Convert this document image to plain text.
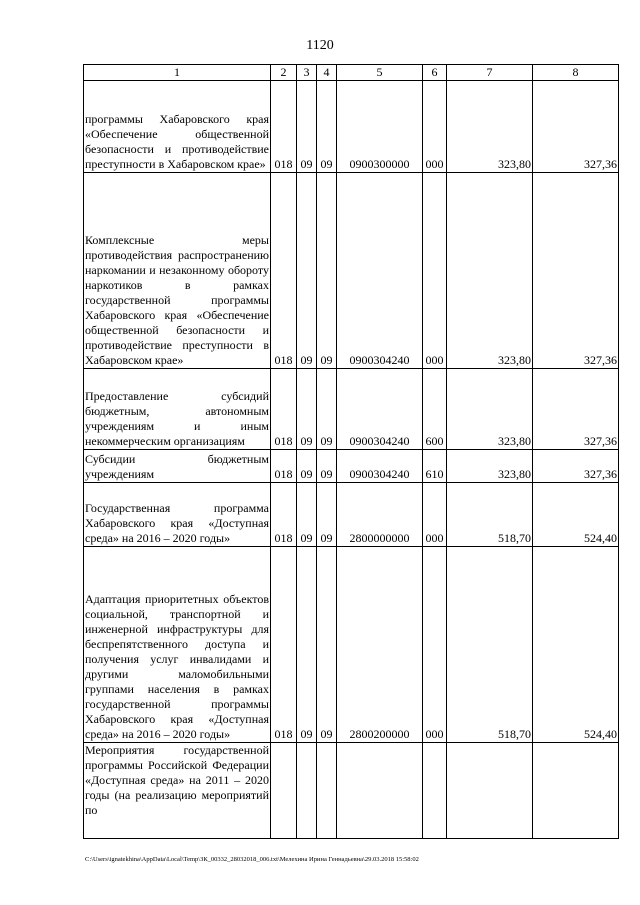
1120
1	2	3	4	5	6	7	8
программы Хабаровского края «Обеспечение общественной безопасности и противодействие преступности в Хабаровском крае»	018	09	09	0900300000	000	323,80	327,36
Комплексные меры противодействия распространению наркомании и незаконному обороту наркотиков в рамках государственной программы Хабаровского края «Обеспечение общественной безопасности и противодействие преступности в Хабаровском крае»	018	09	09	0900304240	000	323,80	327,36
Предоставление субсидий бюджетным, автономным учреждениям и иным некоммерческим организациям	018	09	09	0900304240	600	323,80	327,36
Субсидии бюджетным учреждениям	018	09	09	0900304240	610	323,80	327,36
Государственная программа Хабаровского края «Доступная среда» на 2016 – 2020 годы»	018	09	09	2800000000	000	518,70	524,40
Адаптация приоритетных объектов социальной, транспортной и инженерной инфраструктуры для беспрепятственного доступа и получения услуг инвалидами и другими маломобильными группами населения в рамках государственной программы Хабаровского края «Доступная среда» на 2016 – 2020 годы»	018	09	09	2800200000	000	518,70	524,40
Мероприятия государственной программы Российской Федерации «Доступная среда» на 2011 – 2020 годы (на реализацию мероприятий по							
C:\Users\ignatekhina\AppData\Local\Temp\ЗК_00332_28032018_006.txt\Мелехина Ирина Геннадьевна\29.03.2018 15:58:02
